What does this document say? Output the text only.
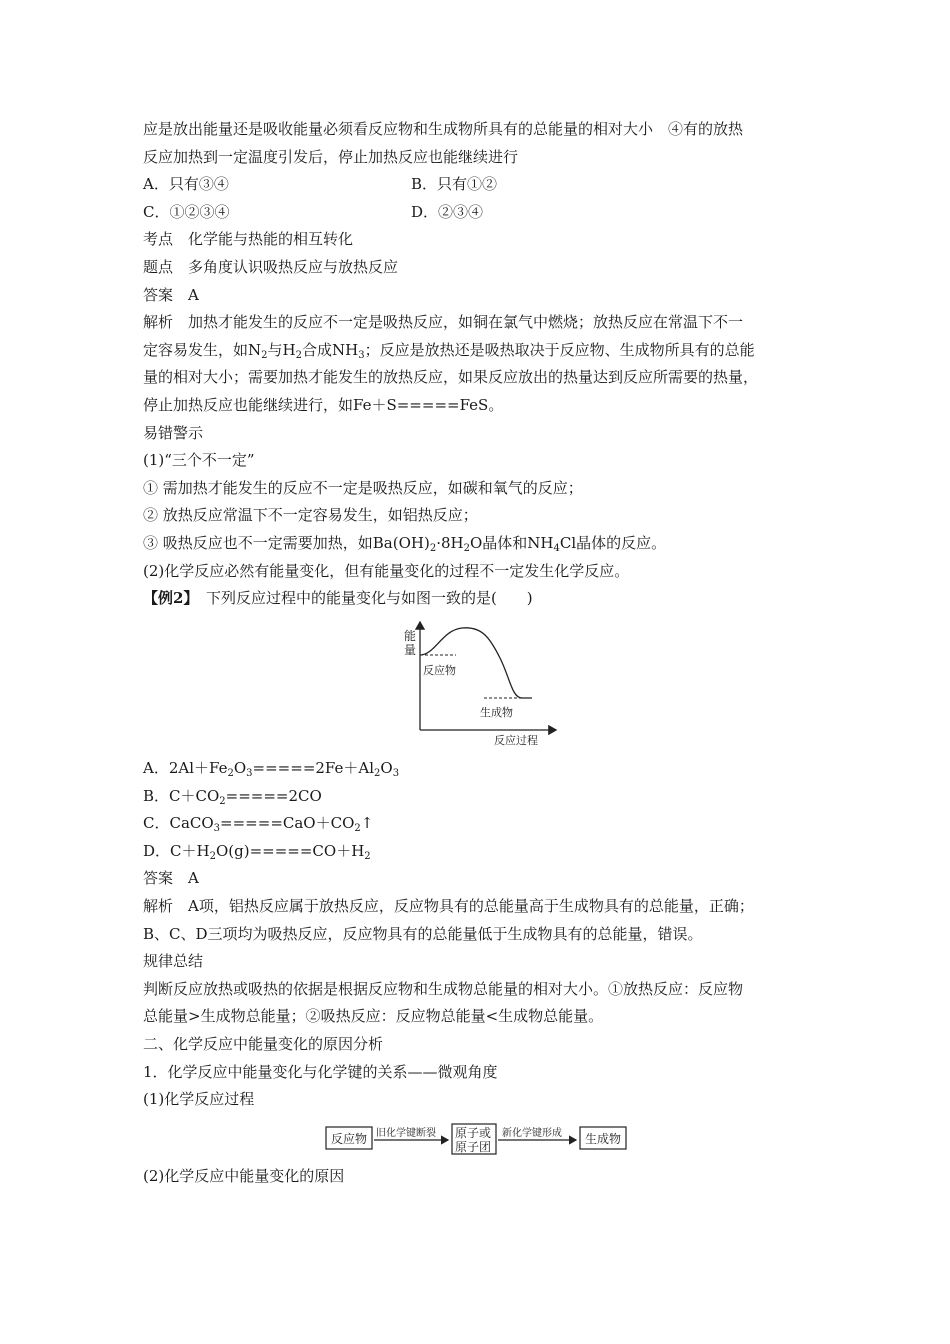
应是放出能量还是吸收能量必须看反应物和生成物所具有的总能量的相对大小　④有的放热
反应加热到一定温度引发后，停止加热反应也能继续进行
A．只有③④	B．只有①②
C．①②③④	D．②③④
考点　化学能与热能的相互转化
题点　多角度认识吸热反应与放热反应
答案　A
解析　加热才能发生的反应不一定是吸热反应，如铜在氯气中燃烧；放热反应在常温下不一
定容易发生，如$N_2$与$H_2$合成$NH_3$；反应是放热还是吸热取决于反应物、生成物所具有的总能
量的相对大小；需要加热才能发生的放热反应，如果反应放出的热量达到反应所需要的热量，
停止加热反应也能继续进行，如Fe＋S=====FeS。
易错警示
(1)“三个不一定”
① 需加热才能发生的反应不一定是吸热反应，如碳和氧气的反应；
② 放热反应常温下不一定容易发生，如铝热反应；
③ 吸热反应也不一定需要加热，如$Ba(OH)_2\cdot 8H_2O$晶体和$NH_4Cl$晶体的反应。
(2)化学反应必然有能量变化，但有能量变化的过程不一定发生化学反应。
【例2】　 下列反应过程中的能量变化与如图一致的是(　　)
能
量
反应物
生成物
反应过程
A．$2Al+Fe_2O_3=====2Fe+Al_2O_3$
B．$C+CO_2=====2CO$
C．$CaCO_3=====CaO+CO_2↑$
D．$C+H_2O(g)=====CO+H_2$
答案　A
解析　A项，铝热反应属于放热反应，反应物具有的总能量高于生成物具有的总能量，正确；
B、C、D三项均为吸热反应，反应物具有的总能量低于生成物具有的总能量，错误。
规律总结
判断反应放热或吸热的依据是根据反应物和生成物总能量的相对大小。①放热反应：反应物
总能量>生成物总能量；②吸热反应：反应物总能量<生成物总能量。
二、化学反应中能量变化的原因分析
1．化学反应中能量变化与化学键的关系——微观角度
(1)化学反应过程
反应物 旧化学键断裂 原子或
原子团
新化学键形成 生成物
(2)化学反应中能量变化的原因
